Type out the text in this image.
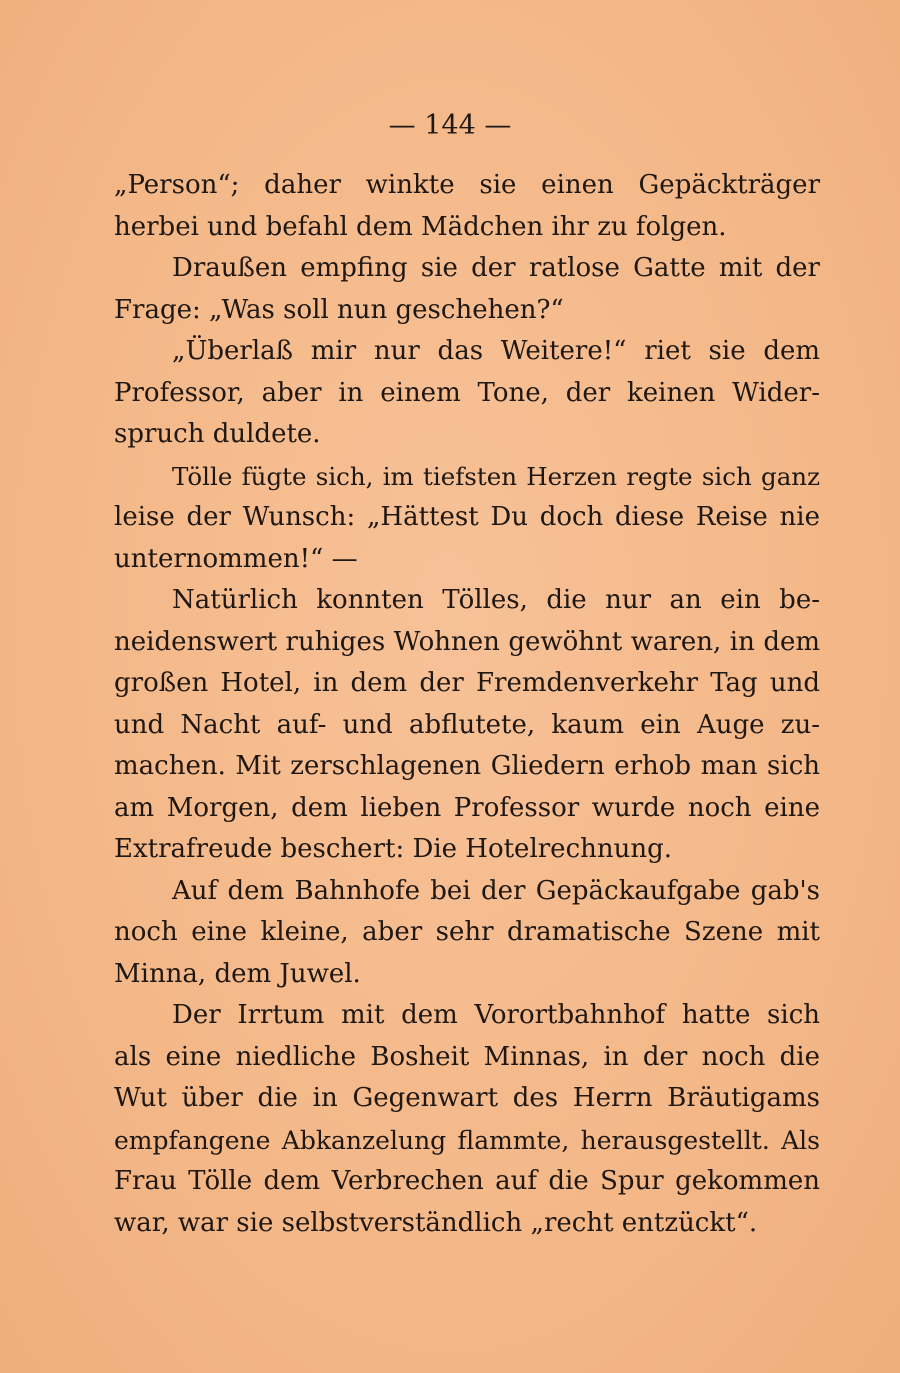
— 144 —
„Person“; daher winkte sie einen Gepäckträger
herbei und befahl dem Mädchen ihr zu folgen.
Draußen empfing sie der ratlose Gatte mit der
Frage: „Was soll nun geschehen?“
„Überlaß mir nur das Weitere!“ riet sie dem
Professor, aber in einem Tone, der keinen Wider-
spruch duldete.
Tölle fügte sich, im tiefsten Herzen regte sich ganz
leise der Wunsch: „Hättest Du doch diese Reise nie
unternommen!“ —
Natürlich konnten Tölles, die nur an ein be-
neidenswert ruhiges Wohnen gewöhnt waren, in dem
großen Hotel, in dem der Fremdenverkehr Tag und
und Nacht auf- und abflutete, kaum ein Auge zu-
machen. Mit zerschlagenen Gliedern erhob man sich
am Morgen, dem lieben Professor wurde noch eine
Extrafreude beschert: Die Hotelrechnung.
Auf dem Bahnhofe bei der Gepäckaufgabe gab's
noch eine kleine, aber sehr dramatische Szene mit
Minna, dem Juwel.
Der Irrtum mit dem Vorortbahnhof hatte sich
als eine niedliche Bosheit Minnas, in der noch die
Wut über die in Gegenwart des Herrn Bräutigams
empfangene Abkanzelung flammte, herausgestellt. Als
Frau Tölle dem Verbrechen auf die Spur gekommen
war, war sie selbstverständlich „recht entzückt“.
